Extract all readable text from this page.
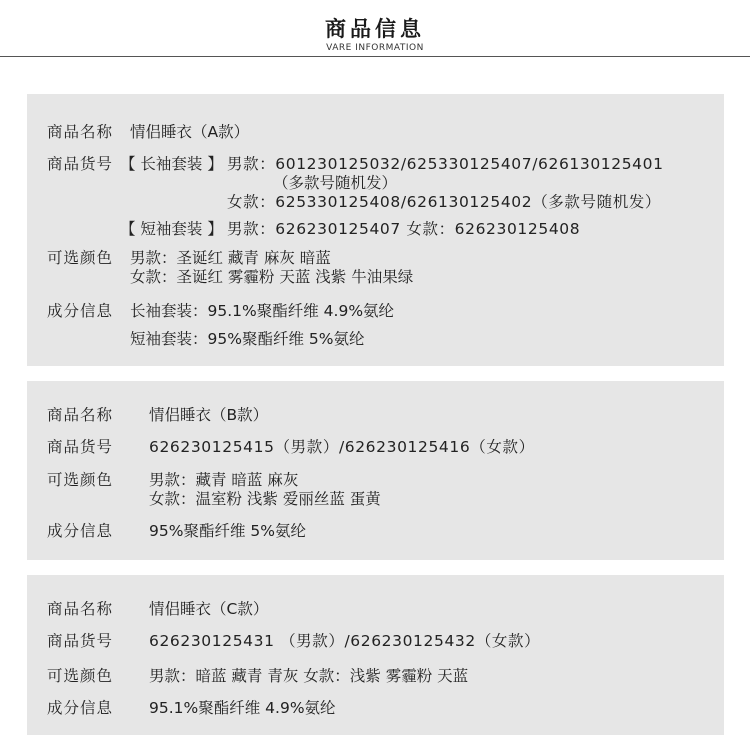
商品信息
VARE INFORMATION
商品名称 情侣睡衣（A款）
商品货号 【 长袖套装 】 男款：601230125032/625330125407/626130125401
（多款号随机发）
女款：625330125408/626130125402（多款号随机发）
【 短袖套装 】 男款：626230125407 女款：626230125408
可选颜色 男款：圣诞红 藏青 麻灰 暗蓝
女款：圣诞红 雾霾粉 天蓝 浅紫 牛油果绿
成分信息 长袖套装：95.1%聚酯纤维 4.9%氨纶
短袖套装：95%聚酯纤维 5%氨纶
商品名称 情侣睡衣（B款）
商品货号 626230125415（男款）/626230125416（女款）
可选颜色 男款：藏青 暗蓝 麻灰
女款：温室粉 浅紫 爱丽丝蓝 蛋黄
成分信息 95%聚酯纤维 5%氨纶
商品名称 情侣睡衣（C款）
商品货号 626230125431 （男款）/626230125432（女款）
可选颜色 男款：暗蓝 藏青 青灰 女款：浅紫 雾霾粉 天蓝
成分信息 95.1%聚酯纤维 4.9%氨纶
